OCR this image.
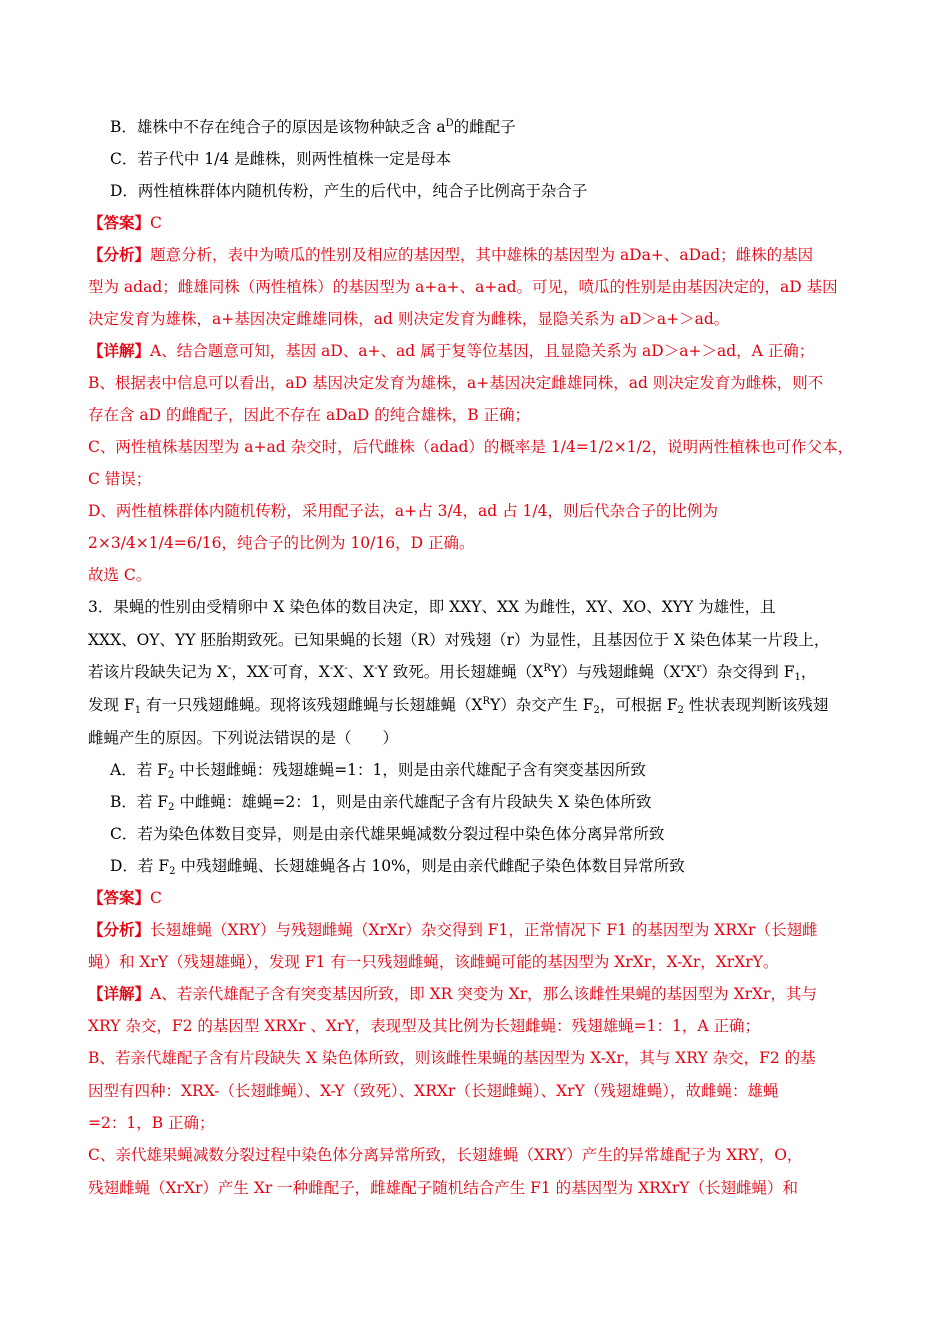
B．雄株中不存在纯合子的原因是该物种缺乏含 $a^D$的雌配子
C．若子代中 1/4 是雌株，则两性植株一定是母本
D．两性植株群体内随机传粉，产生的后代中，纯合子比例高于杂合子
【答案】C
【分析】题意分析，表中为喷瓜的性别及相应的基因型，其中雄株的基因型为 aDa+、aDad；雌株的基因
型为 adad；雌雄同株（两性植株）的基因型为 a+a+、a+ad。可见，喷瓜的性别是由基因决定的，aD 基因
决定发育为雄株，a+基因决定雌雄同株，ad 则决定发育为雌株，显隐关系为 aD＞a+＞ad。
【详解】A、结合题意可知，基因 aD、a+、ad 属于复等位基因，且显隐关系为 aD＞a+＞ad，A 正确；
B、根据表中信息可以看出，aD 基因决定发育为雄株，a+基因决定雌雄同株，ad 则决定发育为雌株，则不
存在含 aD 的雌配子，因此不存在 aDaD 的纯合雄株，B 正确；
C、两性植株基因型为 a+ad 杂交时，后代雌株（adad）的概率是 1/4=1/2×1/2，说明两性植株也可作父本，
C 错误；
D、两性植株群体内随机传粉，采用配子法，a+占 3/4，ad 占 1/4，则后代杂合子的比例为
2×3/4×1/4=6/16，纯合子的比例为 10/16，D 正确。
故选 C。
3．果蝇的性别由受精卵中 X 染色体的数目决定，即 XXY、XX 为雌性，XY、XO、XYY 为雄性，且
XXX、OY、YY 胚胎期致死。已知果蝇的长翅（R）对残翅（r）为显性，且基因位于 X 染色体某一片段上，
若该片段缺失记为 X-，XX-可育，X-X-、X-Y 致死。用长翅雄蝇$(X^RY)$与残翅雌蝇$(X^rX^r)$杂交得到 $F_1$，
发现 $F_1$ 有一只残翅雌蝇。现将该残翅雌蝇与长翅雄蝇$(X^RY)$杂交产生 $F_2$，可根据 $F_2$ 性状表现判断该残翅
雌蝇产生的原因。下列说法错误的是（　　）
A．若 $F_2$ 中长翅雌蝇：残翅雄蝇=1：1，则是由亲代雄配子含有突变基因所致
B．若 $F_2$ 中雌蝇：雄蝇=2：1，则是由亲代雄配子含有片段缺失 X 染色体所致
C．若为染色体数目变异，则是由亲代雄果蝇减数分裂过程中染色体分离异常所致
D．若 $F_2$ 中残翅雌蝇、长翅雄蝇各占 10%，则是由亲代雌配子染色体数目异常所致
【答案】C
【分析】长翅雄蝇（XRY）与残翅雌蝇（XrXr）杂交得到 F1，正常情况下 F1 的基因型为 XRXr（长翅雌
蝇）和 XrY（残翅雄蝇），发现 F1 有一只残翅雌蝇，该雌蝇可能的基因型为 XrXr，X-Xr，XrXrY。
【详解】A、若亲代雄配子含有突变基因所致，即 XR 突变为 Xr，那么该雌性果蝇的基因型为 XrXr，其与
XRY 杂交，F2 的基因型 XRXr 、XrY，表现型及其比例为长翅雌蝇：残翅雄蝇=1：1，A 正确；
B、若亲代雄配子含有片段缺失 X 染色体所致，则该雌性果蝇的基因型为 X-Xr，其与 XRY 杂交，F2 的基
因型有四种：XRX-（长翅雌蝇）、X-Y（致死）、XRXr（长翅雌蝇）、XrY（残翅雄蝇），故雌蝇：雄蝇
=2：1，B 正确；
C、亲代雄果蝇减数分裂过程中染色体分离异常所致，长翅雄蝇（XRY）产生的异常雄配子为 XRY，O，
残翅雌蝇（XrXr）产生 Xr 一种雌配子，雌雄配子随机结合产生 F1 的基因型为 XRXrY（长翅雌蝇）和
